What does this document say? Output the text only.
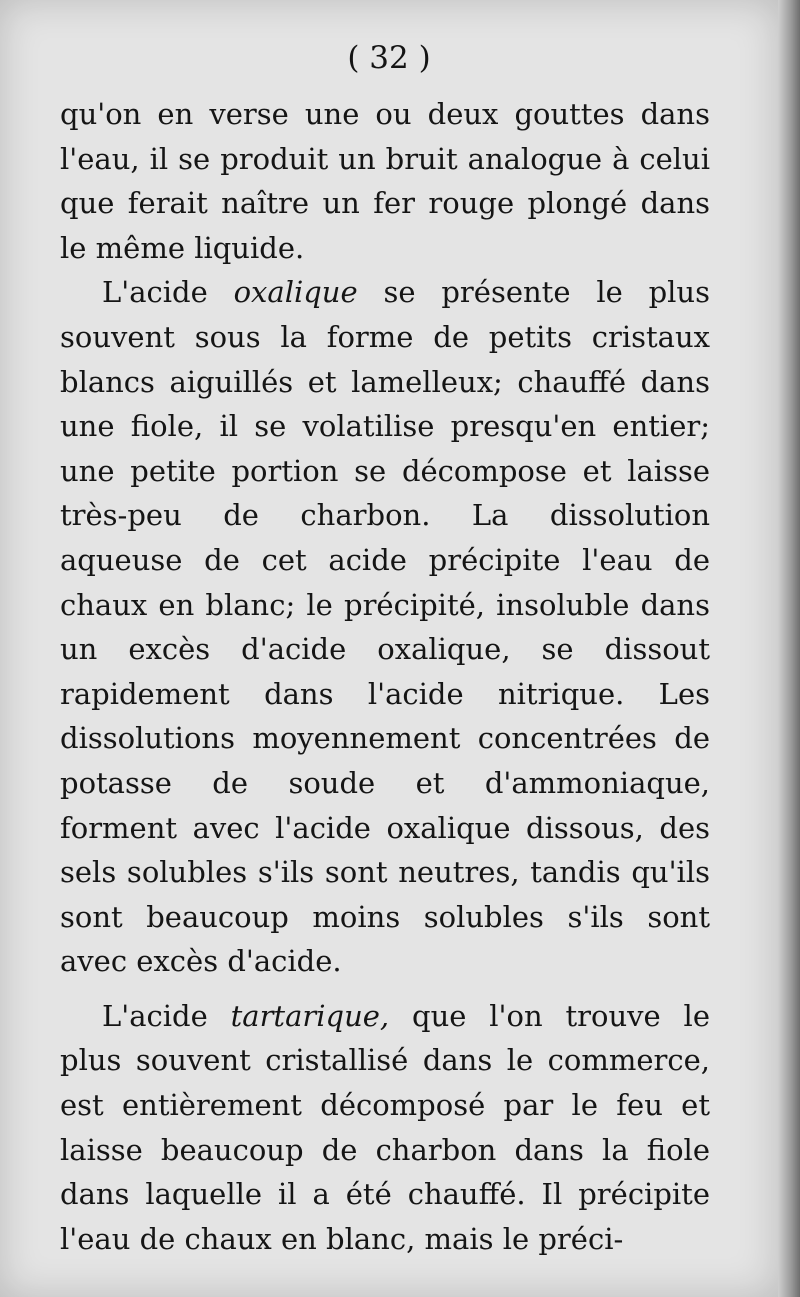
( 32 )

qu'on en verse une ou deux gouttes dans l'eau, il se produit un bruit analogue à celui que ferait naître un fer rouge plongé dans le même liquide.

L'acide oxalique se présente le plus souvent sous la forme de petits cristaux blancs aiguillés et lamelleux; chauffé dans une fiole, il se volatilise presqu'en entier; une petite portion se décompose et laisse très-peu de charbon. La dissolution aqueuse de cet acide précipite l'eau de chaux en blanc; le précipité, insoluble dans un excès d'acide oxalique, se dissout rapidement dans l'acide nitrique. Les dissolutions moyennement concentrées de potasse de soude et d'ammoniaque, forment avec l'acide oxalique dissous, des sels solubles s'ils sont neutres, tandis qu'ils sont beaucoup moins solubles s'ils sont avec excès d'acide.

L'acide tartarique, que l'on trouve le plus souvent cristallisé dans le commerce, est entièrement décomposé par le feu et laisse beaucoup de charbon dans la fiole dans laquelle il a été chauffé. Il précipite l'eau de chaux en blanc, mais le préci-
